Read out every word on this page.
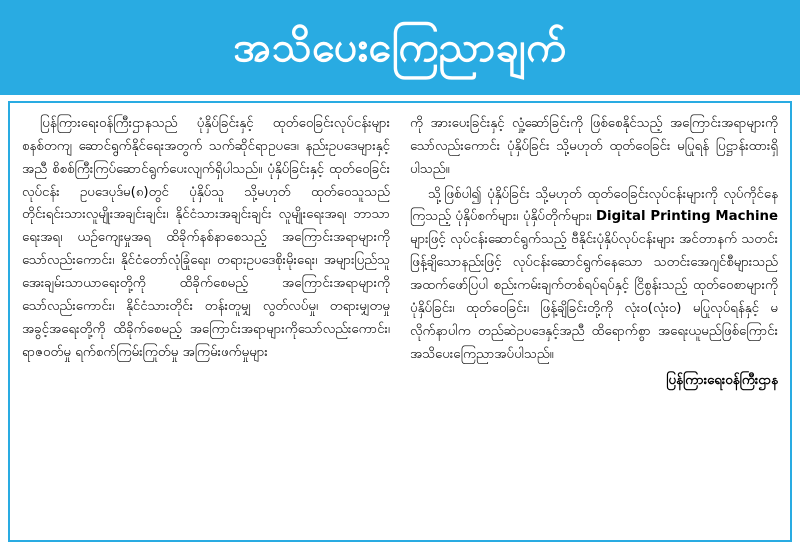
အသိပေးကြေညာချက်

ပြန်ကြားရေးဝန်ကြီးဌာနသည် ပုံနှိပ်ခြင်းနှင့် ထုတ်ဝေခြင်းလုပ်ငန်းများ စနစ်တကျ ဆောင်ရွက်နိုင်ရေးအတွက် သက်ဆိုင်ရာဥပဒေ၊ နည်းဥပဒေများနှင့်အညီ စိစစ်ကြီးကြပ်ဆောင်ရွက်ပေးလျက်ရှိပါသည်။ ပုံနှိပ်ခြင်းနှင့် ထုတ်ဝေခြင်းလုပ်ငန်း ဥပဒေပုဒ်မ(၈)တွင် ပုံနှိပ်သူ သို့မဟုတ် ထုတ်ဝေသူသည် တိုင်းရင်းသားလူမျိုးအချင်းချင်း၊ နိုင်ငံသားအချင်းချင်း လူမျိုးရေးအရ၊ ဘာသာရေးအရ၊ ယဉ်ကျေးမှုအရ ထိခိုက်နစ်နာစေသည့် အကြောင်းအရာများကိုသော်လည်းကောင်း၊ နိုင်ငံတော်လုံခြုံရေး၊ တရားဥပဒေစိုးမိုးရေး၊ အများပြည်သူအေးချမ်းသာယာရေးတို့ကို ထိခိုက်စေမည့် အကြောင်းအရာများကိုသော်လည်းကောင်း၊ နိုင်ငံသားတိုင်း တန်းတူမျှ လွတ်လပ်မှု၊ တရားမျှတမှု အခွင့်အရေးတို့ကို ထိခိုက်စေမည့် အကြောင်းအရာများကိုသော်လည်းကောင်း၊ ရာဇဝတ်မှု ရက်စက်ကြမ်းကြုတ်မှု အကြမ်းဖက်မှုများ

ကို အားပေးခြင်းနှင့် လှုံ့ဆော်ခြင်းကို ဖြစ်စေနိုင်သည့် အကြောင်းအရာများကိုသော်လည်းကောင်း ပုံနှိပ်ခြင်း သို့မဟုတ် ထုတ်ဝေခြင်း မပြုရန် ပြဋ္ဌာန်းထားရှိပါသည်။

သို့ဖြစ်ပါ၍ ပုံနှိပ်ခြင်း သို့မဟုတ် ထုတ်ဝေခြင်းလုပ်ငန်းများကို လုပ်ကိုင်နေကြသည့် ပုံနှိပ်စက်များ၊ ပုံနှိပ်တိုက်များ၊ Digital Printing Machine များဖြင့် လုပ်ငန်းဆောင်ရွက်သည့် ဗီနိုင်းပုံနှိပ်လုပ်ငန်းများ အင်တာနက် သတင်းဖြန့်ချိသောနည်းဖြင့် လုပ်ငန်းဆောင်ရွက်နေသော သတင်းအေဂျင်စီများသည် အထက်ဖော်ပြပါ စည်းကမ်းချက်တစ်ရပ်ရပ်နှင့် ငြိစွန်းသည့် ထုတ်ဝေစာများကို ပုံနှိပ်ခြင်း၊ ထုတ်ဝေခြင်း၊ ဖြန့်ချိခြင်းတို့ကို လုံးဝ(လုံးဝ) မပြုလုပ်ရန်နှင့် မလိုက်နာပါက တည်ဆဲဥပဒေနှင့်အညီ ထိရောက်စွာ အရေးယူမည်ဖြစ်ကြောင်း အသိပေးကြေညာအပ်ပါသည်။

ပြန်ကြားရေးဝန်ကြီးဌာန
